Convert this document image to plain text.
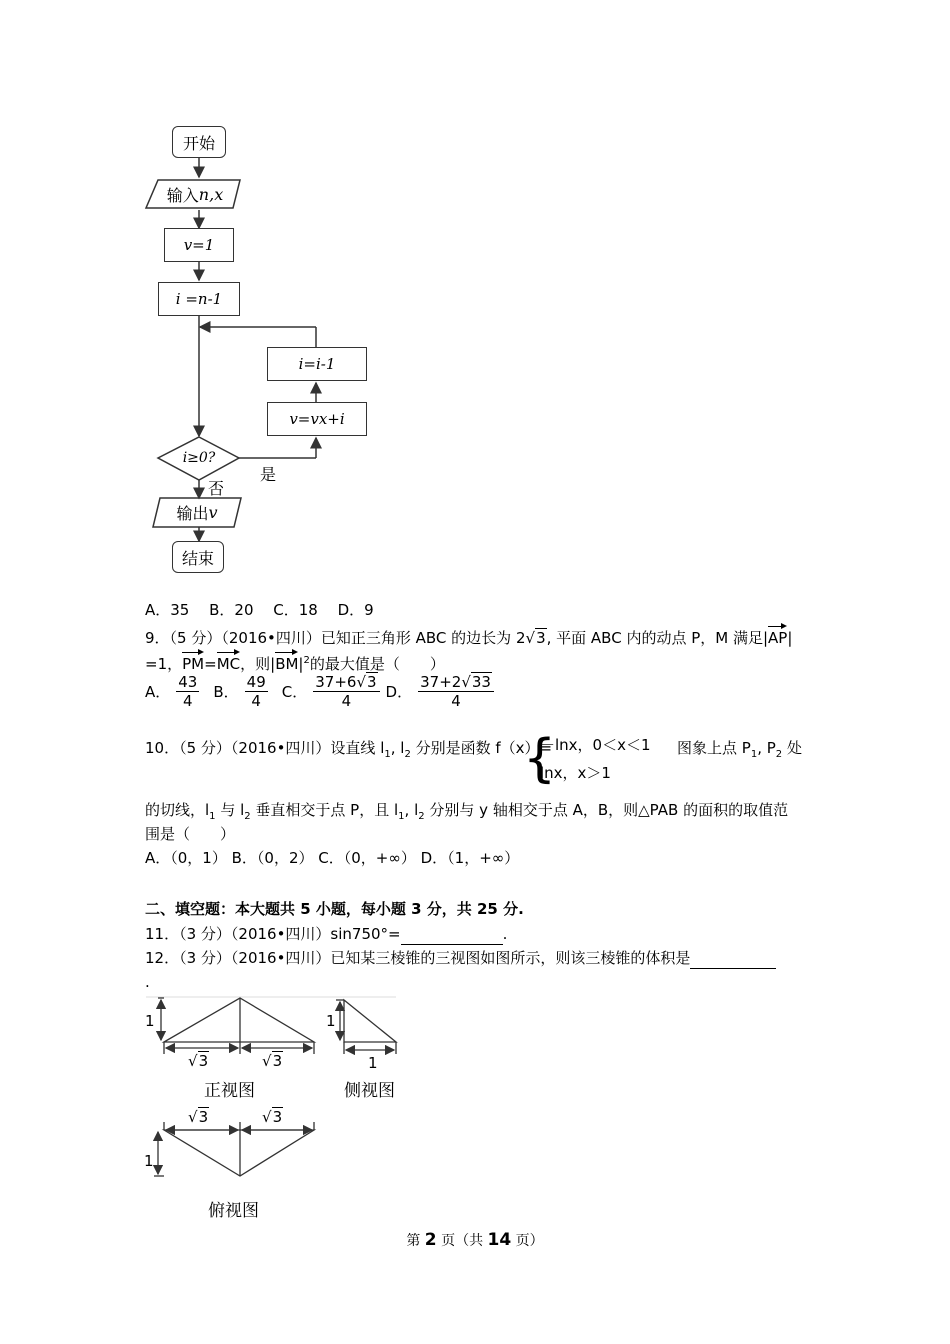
开始
输入 n,x
v=1
i =n-1
i=i-1
v=vx+i
i≥0?
是
否
输出 v
结束
A．35　 B．20　 C．18　 D．9
9．（5 分）（2016•四川）已知正三角形 ABC 的边长为 2√3, 平面 ABC 内的动点 P，M 满足|AP|
=1，PM=MC，则$|BM|^2$的最大值是（　　）
A． $\frac{43}{4}$ B． $\frac{49}{4}$ C． $\frac{37+6√3}{4}$ D． $\frac{37+2√33}{4}$
10．（5 分）（2016•四川）设直线 $l_1$, $l_2$ 分别是函数 f（x）=
{
－lnx，0＜x＜1
lnx，x＞1
图象上点 $P_1$, $P_2$ 处
的切线，$l_1$ 与 $l_2$ 垂直相交于点 P，且 $l_1$, $l_2$ 分别与 y 轴相交于点 A，B，则△PAB 的面积的取值范
围是（　　）
A．（0，1） B．（0，2） C．（0，+∞） D．（1，+∞）
二、填空题：本大题共 5 小题，每小题 3 分，共 25 分.
11．（3 分）（2016•四川）sin750°=	.
12．（3 分）（2016•四川）已知某三棱锥的三视图如图所示，则该三棱锥的体积是
.
1
√3	√3
正视图
1
1
侧视图
√3	√3
1
俯视图
第 2 页（共 14 页）
